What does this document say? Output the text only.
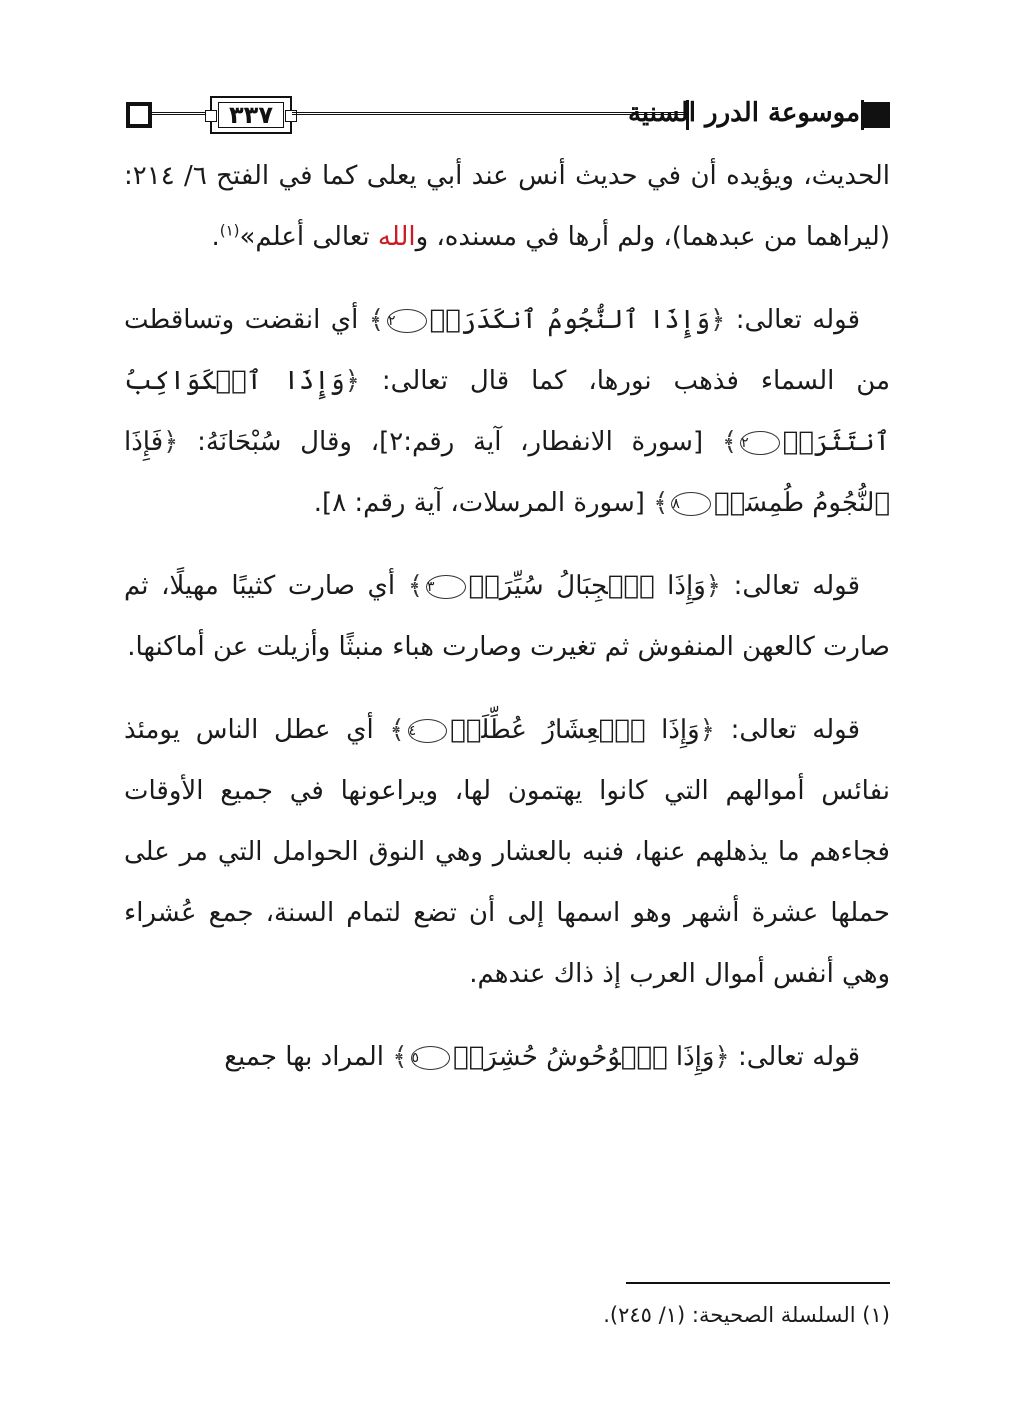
٣٣٧	موسوعة الدرر السنية

الحديث، ويؤيده أن في حديث أنس عند أبي يعلى كما في الفتح ٦/ ٢١٤: (ليراهما من عبدهما)، ولم أرها في مسنده، والله تعالى أعلم»$^{(١)}$.

قوله تعالى: ﴿وَإِذَا ٱلنُّجُومُ ٱنكَدَرَتۡ٢﴾ أي انقضت وتساقطت من السماء فذهب نورها، كما قال تعالى: ﴿وَإِذَا ٱلۡكَوَاكِبُ ٱنتَثَرَتۡ٢﴾ [سورة الانفطار، آية رقم:٢]، وقال سُبْحَانَهُ: ﴿فَإِذَا ٱلنُّجُومُ طُمِسَتۡ٨﴾ [سورة المرسلات، آية رقم: ٨].

قوله تعالى: ﴿وَإِذَا ٱلۡجِبَالُ سُيِّرَتۡ٣﴾ أي صارت كثيبًا مهيلًا، ثم صارت كالعهن المنفوش ثم تغيرت وصارت هباء منبثًا وأزيلت عن أماكنها.

قوله تعالى: ﴿وَإِذَا ٱلۡعِشَارُ عُطِّلَتۡ٤﴾ أي عطل الناس يومئذ نفائس أموالهم التي كانوا يهتمون لها، ويراعونها في جميع الأوقات فجاءهم ما يذهلهم عنها، فنبه بالعشار وهي النوق الحوامل التي مر على حملها عشرة أشهر وهو اسمها إلى أن تضع لتمام السنة، جمع عُشراء وهي أنفس أموال العرب إذ ذاك عندهم.

قوله تعالى: ﴿وَإِذَا ٱلۡوُحُوشُ حُشِرَتۡ٥﴾ المراد بها جميع

(١) السلسلة الصحيحة: (١/ ٢٤٥).
